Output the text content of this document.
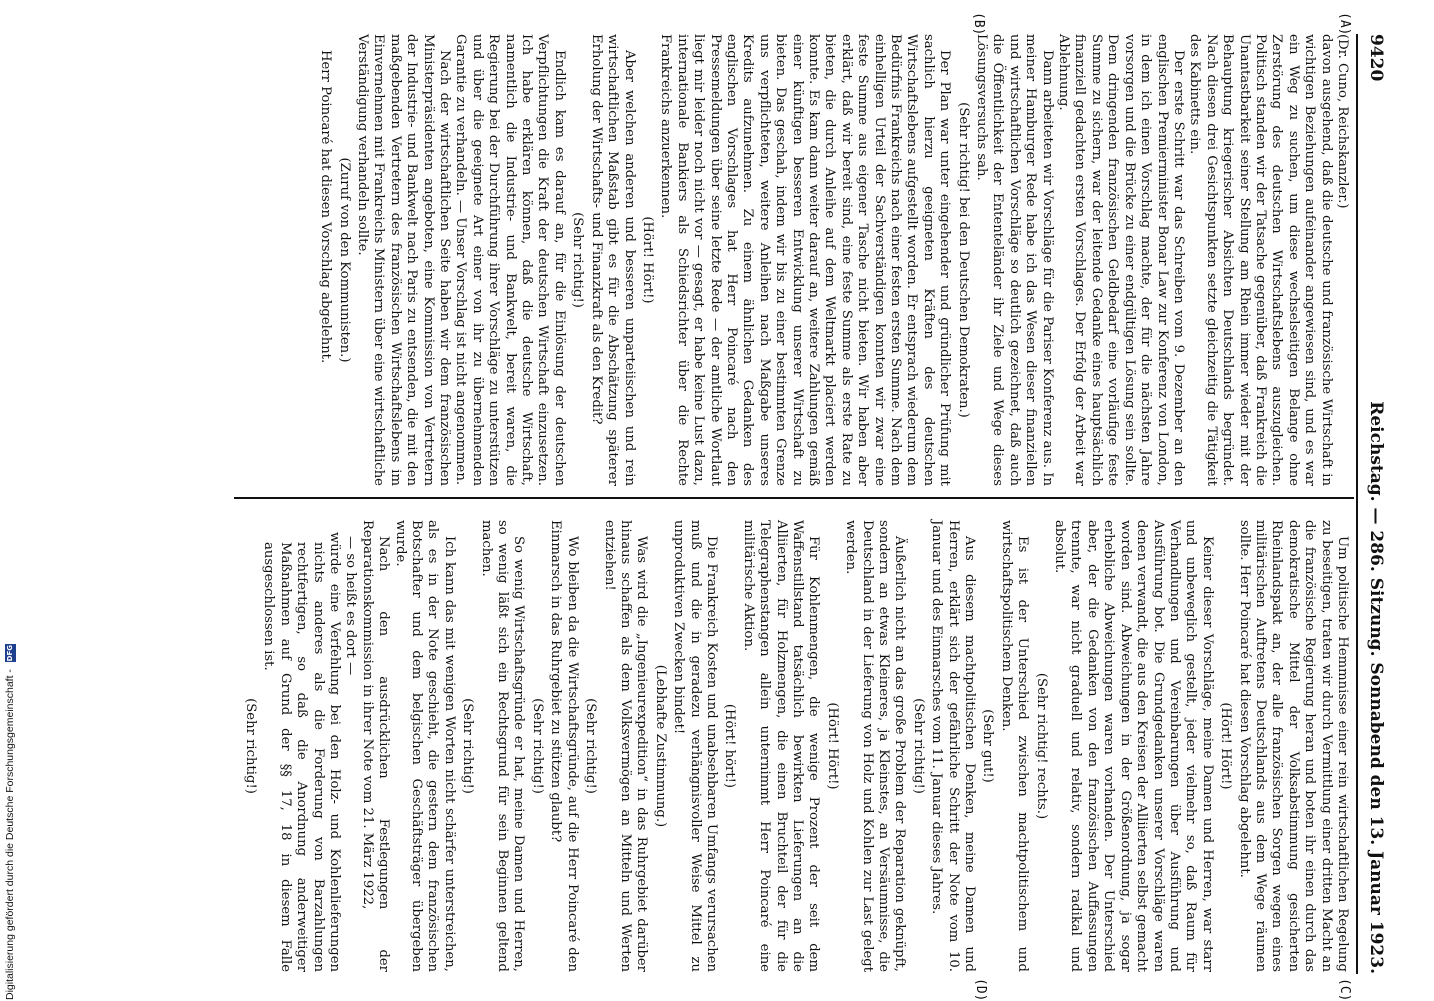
9420
Reichstag. — 286. Sitzung. Sonnabend den 13. Januar 1923.
(A)
(B)
(C)
(D)

(Dr. Cuno, Reichskanzler.)

davon ausgehend, daß die deutsche und französische Wirtschaft in wichtigen Beziehungen aufeinander angewiesen sind, und es war ein Weg zu suchen, um diese wechselseitigen Belange ohne Zerstörung des deutschen Wirtschaftslebens auszugleichen. Politisch standen wir der Tatsache gegenüber, daß Frankreich die Unantastbarkeit seiner Stellung am Rhein immer wieder mit der Behauptung kriegerischer Absichten Deutschlands begründet. Nach diesen drei Gesichtspunkten setzte gleichzeitig die Tätigkeit des Kabinetts ein.

Der erste Schritt war das Schreiben vom 9. Dezember an den englischen Premierminister Bonar Law zur Konferenz von London, in dem ich einen Vorschlag machte, der für die nächsten Jahre vorsorgen und die Brücke zu einer endgültigen Lösung sein sollte. Dem dringenden französischen Geldbedarf eine vorläufige feste Summe zu sichern, war der leitende Gedanke eines hauptsächlich finanziell gedachten ersten Vorschlages. Der Erfolg der Arbeit war Ablehnung.

Dann arbeiteten wir Vorschläge für die Pariser Konferenz aus. In meiner Hamburger Rede habe ich das Wesen dieser finanziellen und wirtschaftlichen Vorschläge so deutlich gezeichnet, daß auch die Öffentlichkeit der Ententeländer ihr Ziele und Wege dieses Lösungsversuchs sah.

(Sehr richtig! bei den Deutschen Demokraten.)

Der Plan war unter eingehender und gründlicher Prüfung mit sachlich hierzu geeigneten Kräften des deutschen Wirtschaftslebens aufgestellt worden. Er entsprach wiederum dem Bedürfnis Frankreichs nach einer festen ersten Summe. Nach dem einhelligen Urteil der Sachverständigen konnten wir zwar eine feste Summe aus eigener Tasche nicht bieten. Wir haben aber erklärt, daß wir bereit sind, eine feste Summe als erste Rate zu bieten, die durch Anleihe auf dem Weltmarkt placiert werden konnte. Es kam dann weiter darauf an, weitere Zahlungen gemäß einer künftigen besseren Entwicklung unserer Wirtschaft zu bieten. Das geschah, indem wir bis zu einer bestimmten Grenze uns verpflichteten, weitere Anleihen nach Maßgabe unseres Kredits aufzunehmen. Zu einem ähnlichen Gedanken des englischen Vorschlages hat Herr Poincaré nach den Pressemeldungen über seine letzte Rede — der amtliche Wortlaut liegt mir leider noch nicht vor — gesagt, er habe keine Lust dazu, internationale Bankiers als Schiedsrichter über die Rechte Frankreichs anzuerkennen.

(Hört! Hört!)

Aber welchen anderen und besseren unparteiischen und rein wirtschaftlichen Maßstab gibt es für die Abschätzung späterer Erholung der Wirtschafts- und Finanzkraft als den Kredit?

(Sehr richtig!)

Endlich kam es darauf an, für die Einlösung der deutschen Verpflichtungen die Kraft der deutschen Wirtschaft einzusetzen. Ich habe erklären können, daß die deutsche Wirtschaft, namentlich die Industrie- und Bankwelt, bereit waren, die Regierung bei der Durchführung ihrer Vorschläge zu unterstützen und über die geeignete Art einer von ihr zu übernehmenden Garantie zu verhandeln. — Unser Vorschlag ist nicht angenommen.

Nach der wirtschaftlichen Seite haben wir dem französischen Ministerpräsidenten angeboten, eine Kommission von Vertretern der Industrie- und Bankwelt nach Paris zu entsenden, die mit den maßgebenden Vertretern des französischen Wirtschaftslebens im Einvernehmen mit Frankreichs Ministern über eine wirtschaftliche Verständigung verhandeln sollte.

(Zuruf von den Kommunisten.)

Herr Poincaré hat diesen Vorschlag abgelehnt.

Um politische Hemmnisse einer rein wirtschaftlichen Regelung zu beseitigen, traten wir durch Vermittlung einer dritten Macht an die französische Regierung heran und boten ihr einen durch das demokratische Mittel der Volksabstimmung gesicherten Rheinlandspakt an, der alle französischen Sorgen wegen eines militärischen Auftretens Deutschlands aus dem Wege räumen sollte. Herr Poincaré hat diesen Vorschlag abgelehnt.

(Hört! Hört!)

Keiner dieser Vorschläge, meine Damen und Herren, war starr und unbeweglich gestellt, jeder vielmehr so, daß Raum für Verhandlungen und Vereinbarungen über Ausführung und Ausführung bot. Die Grundgedanken unserer Vorschläge waren denen verwandt, die aus den Kreisen der Alliierten selbst gemacht worden sind. Abweichungen in der Größenordnung, ja sogar erhebliche Abweichungen waren vorhanden. Der Unterschied aber, der die Gedanken von den französischen Auffassungen trennte, war nicht graduell und relativ, sondern radikal und absolut.

(Sehr richtig! rechts.)

Es ist der Unterschied zwischen machtpolitischem und wirtschaftspolitischem Denken.

(Sehr gut!)

Aus diesem machtpolitischen Denken, meine Damen und Herren, erklärt sich der gefährliche Schritt der Note vom 10. Januar und des Einmarsches vom 11. Januar dieses Jahres.

(Sehr richtig!)

Äußerlich nicht an das große Problem der Reparation geknüpft, sondern an etwas Kleineres, ja Kleinstes, an Versäumnisse, die Deutschland in der Lieferung von Holz und Kohlen zur Last gelegt werden.

(Hört! Hört!)

Für Kohlenmengen, die wenige Prozent der seit dem Waffenstillstand tatsächlich bewirkten Lieferungen an die Alliierten, für Holzmengen, die einen Bruchteil der für die Telegraphenstangen allein unternimmt Herr Poincaré eine militärische Aktion.

(Hört! hört!)

Die Frankreich Kosten und unabsehbaren Umfangs verursachen muß und die in geradezu verhängnisvoller Weise Mittel zu unproduktiven Zwecken bindet!

(Lebhafte Zustimmung.)

Was wird die „Ingenieurexpedition“ in das Ruhrgebiet darüber hinaus schaffen als dem Volksvermögen an Mitteln und Werten entziehen!

(Sehr richtig!)

Wo bleiben da die Wirtschaftsgründe, auf die Herr Poincaré den Einmarsch in das Ruhrgebiet zu stützen glaubt?

(Sehr richtig!)

So wenig Wirtschaftsgründe er hat, meine Damen und Herren, so wenig läßt sich ein Rechtsgrund für sein Beginnen geltend machen.

(Sehr richtig!)

Ich kann das mit wenigen Worten nicht schärfer unterstreichen, als es in der Note geschieht, die gestern dem französischen Botschafter und dem belgischen Geschäftsträger übergeben wurde.

Nach den ausdrücklichen Festlegungen der Reparationskommission in ihrer Note vom 21. März 1922,

— so heißt es dort —

würde eine Verfehlung bei den Holz- und Kohlenlieferungen nichts anderes als die Forderung von Barzahlungen rechtfertigen, so daß die Anordnung anderweitiger Maßnahmen auf Grund der §§ 17, 18 in diesem Falle ausgeschlossen ist.

(Sehr richtig!)

Digitalisierung gefördert durch die Deutsche Forschungsgemeinschaft - DFG
